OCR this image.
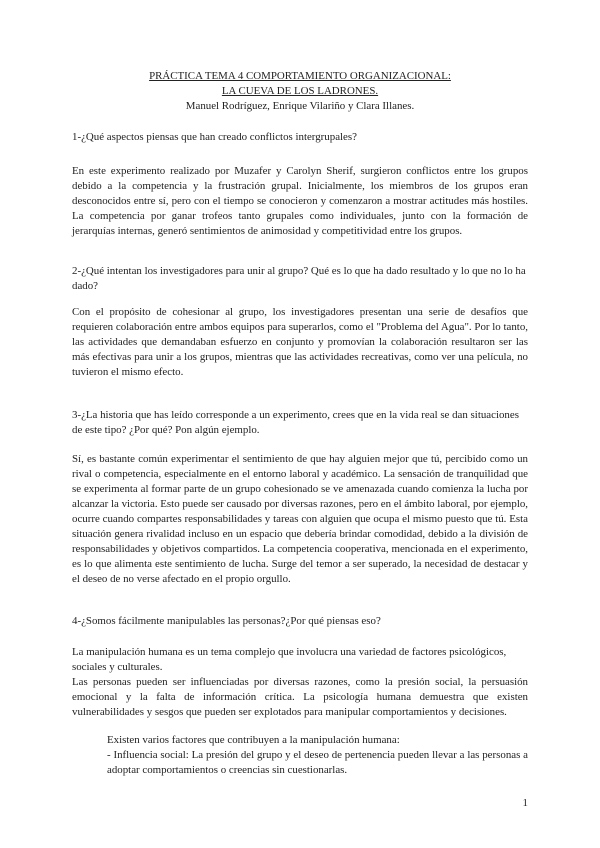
PRÁCTICA TEMA 4 COMPORTAMIENTO ORGANIZACIONAL:
LA CUEVA DE LOS LADRONES.
Manuel Rodríguez, Enrique Vilariño y Clara Illanes.
1-¿Qué aspectos piensas que han creado conflictos intergrupales?
En este experimento realizado por Muzafer y Carolyn Sherif, surgieron conflictos entre los grupos debido a la competencia y la frustración grupal. Inicialmente, los miembros de los grupos eran desconocidos entre sí, pero con el tiempo se conocieron y comenzaron a mostrar actitudes más hostiles. La competencia por ganar trofeos tanto grupales como individuales, junto con la formación de jerarquías internas, generó sentimientos de animosidad y competitividad entre los grupos.
2-¿Qué intentan los investigadores para unir al grupo? Qué es lo que ha dado resultado y lo que no lo ha dado?
Con el propósito de cohesionar al grupo, los investigadores presentan una serie de desafíos que requieren colaboración entre ambos equipos para superarlos, como el "Problema del Agua". Por lo tanto, las actividades que demandaban esfuerzo en conjunto y promovían la colaboración resultaron ser las más efectivas para unir a los grupos, mientras que las actividades recreativas, como ver una película, no tuvieron el mismo efecto.
3-¿La historia que has leído corresponde a un experimento, crees que en la vida real se dan situaciones de este tipo? ¿Por qué? Pon algún ejemplo.
Sí, es bastante común experimentar el sentimiento de que hay alguien mejor que tú, percibido como un rival o competencia, especialmente en el entorno laboral y académico. La sensación de tranquilidad que se experimenta al formar parte de un grupo cohesionado se ve amenazada cuando comienza la lucha por alcanzar la victoria. Esto puede ser causado por diversas razones, pero en el ámbito laboral, por ejemplo, ocurre cuando compartes responsabilidades y tareas con alguien que ocupa el mismo puesto que tú. Esta situación genera rivalidad incluso en un espacio que debería brindar comodidad, debido a la división de responsabilidades y objetivos compartidos. La competencia cooperativa, mencionada en el experimento, es lo que alimenta este sentimiento de lucha. Surge del temor a ser superado, la necesidad de destacar y el deseo de no verse afectado en el propio orgullo.
4-¿Somos fácilmente manipulables las personas?¿Por qué piensas eso?
La manipulación humana es un tema complejo que involucra una variedad de factores psicológicos, sociales y culturales.
Las personas pueden ser influenciadas por diversas razones, como la presión social, la persuasión emocional y la falta de información crítica. La psicología humana demuestra que existen vulnerabilidades y sesgos que pueden ser explotados para manipular comportamientos y decisiones.
Existen varios factores que contribuyen a la manipulación humana:
- Influencia social: La presión del grupo y el deseo de pertenencia pueden llevar a las personas a adoptar comportamientos o creencias sin cuestionarlas.
1
